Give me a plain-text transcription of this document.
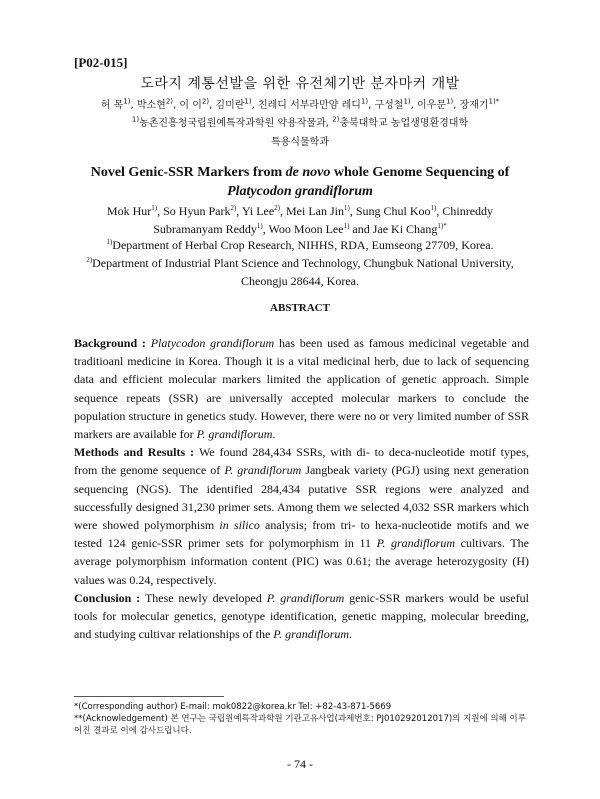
[P02-015]
도라지 계통선발을 위한 유전체기반 분자마커 개발
허 목$^{1)}$, 박소현$^{2)}$, 이 이$^{2)}$, 김미란$^{1)}$, 친레디 서부라만얌 레디$^{1)}$, 구성철$^{1)}$, 이우문$^{1)}$, 장재기$^{1)*}$
$^{1)}$농촌진흥청국립원예특작과학원 약용작물과, $^{2)}$충북대학교 농업생명환경대학
특용식물학과
Novel Genic-SSR Markers from de novo whole Genome Sequencing of
Platycodon grandiflorum
Mok Hur$^{1)}$, So Hyun Park$^{2)}$, Yi Lee$^{2)}$, Mei Lan Jin$^{1)}$, Sung Chul Koo$^{1)}$, Chinreddy
Subramanyam Reddy$^{1)}$, Woo Moon Lee$^{1)}$ and Jae Ki Chang$^{1)*}$
$^{1)}$Department of Herbal Crop Research, NIHHS, RDA, Eumseong 27709, Korea.
$^{2)}$Department of Industrial Plant Science and Technology, Chungbuk National University,
Cheongju 28644, Korea.
ABSTRACT

Background : Platycodon grandiflorum has been used as famous medicinal vegetable and traditioanl medicine in Korea. Though it is a vital medicinal herb, due to lack of sequencing data and efficient molecular markers limited the application of genetic approach. Simple sequence repeats (SSR) are universally accepted molecular markers to conclude the population structure in genetics study. However, there were no or very limited number of SSR markers are available for P. grandiflorum.

Methods and Results : We found 284,434 SSRs, with di- to deca-nucleotide motif types, from the genome sequence of P. grandiflorum Jangbeak variety (PGJ) using next generation sequencing (NGS). The identified 284,434 putative SSR regions were analyzed and successfully designed 31,230 primer sets. Among them we selected 4,032 SSR markers which were showed polymorphism in silico analysis; from tri- to hexa-nucleotide motifs and we tested 124 genic-SSR primer sets for polymorphism in 11 P. grandiflorum cultivars. The average polymorphism information content (PIC) was 0.61; the average heterozygosity (H) values was 0.24, respectively.

Conclusion : These newly developed P. grandiflorum genic-SSR markers would be useful tools for molecular genetics, genotype identification, genetic mapping, molecular breeding, and studying cultivar relationships of the P. grandiflorum.

*(Corresponding author) E-mail: mok0822@korea.kr Tel: +82-43-871-5669
**(Acknowledgement) 본 연구는 국립원예특작과학원 기관고유사업(과제번호: PJ010292012017)의 지원에 의해 이루어진 결과로 이에 감사드립니다.
- 74 -
